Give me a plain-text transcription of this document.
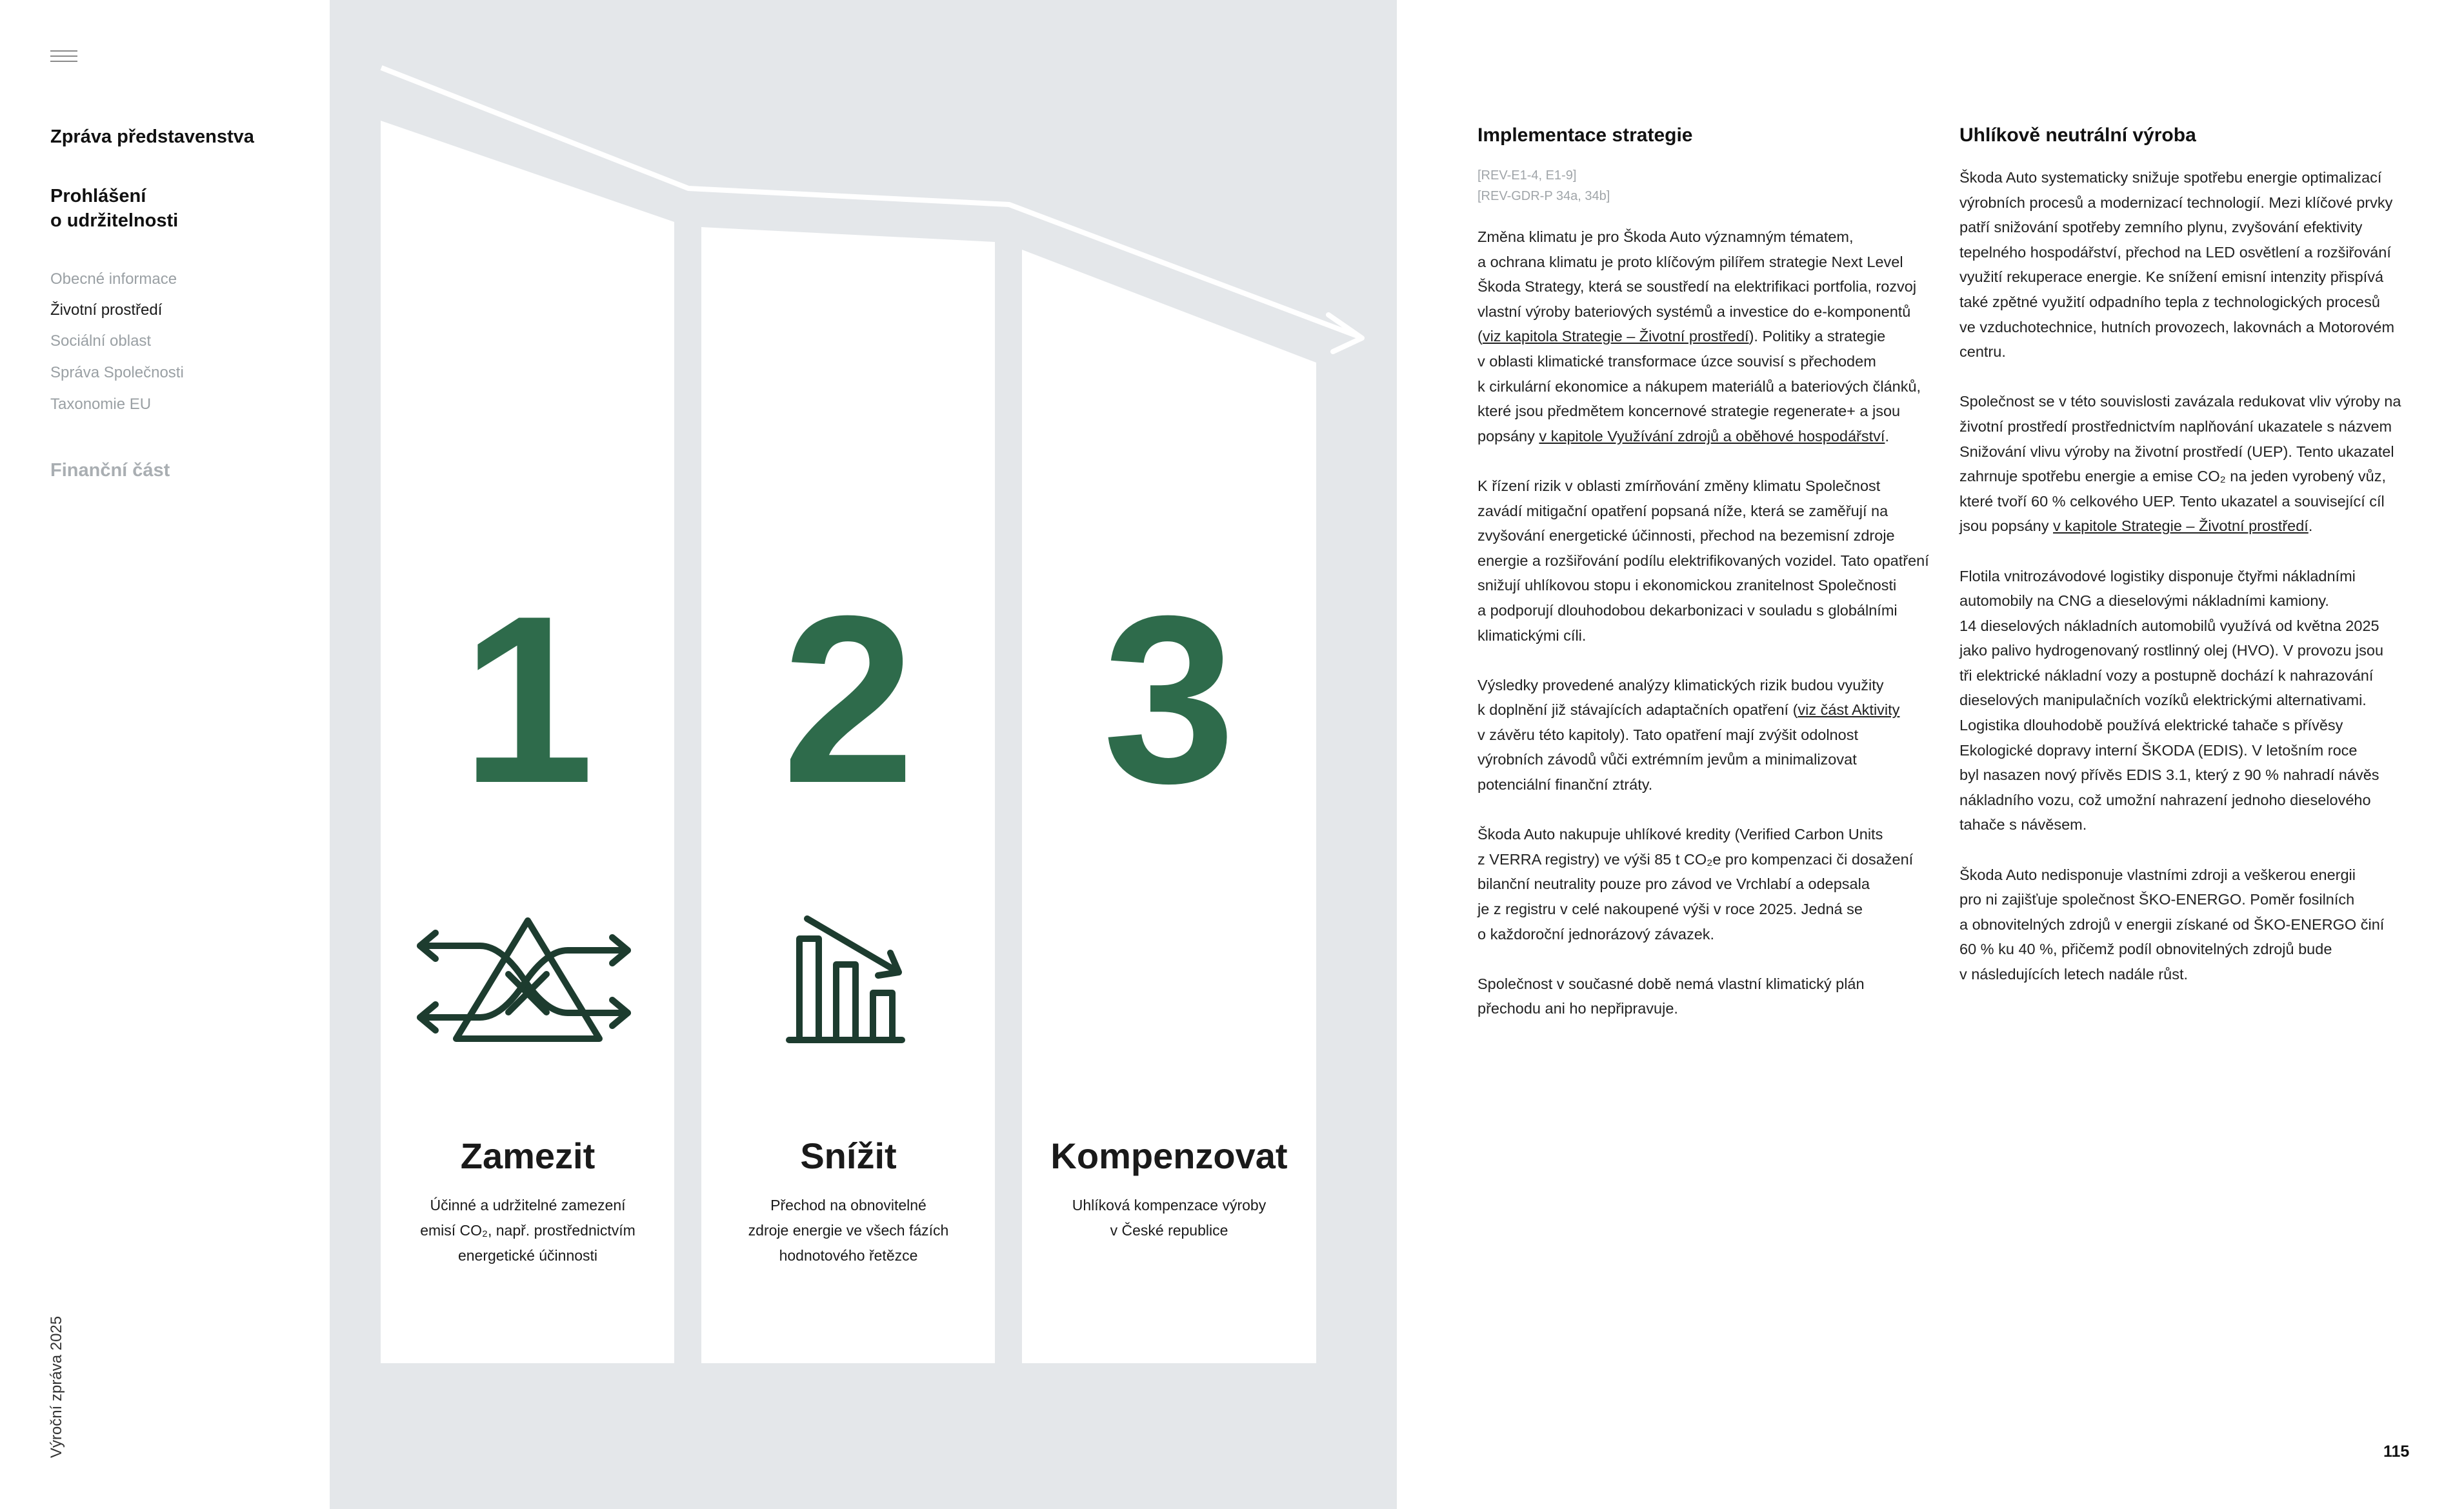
Zpráva představenstva
Prohlášení
o udržitelnosti
Obecné informace
Životní prostředí
Sociální oblast
Správa Společnosti
Taxonomie EU
Finanční část
Výroční zpráva 2025
1 2 3
Zamezit
Účinné a udržitelné zamezení
emisí CO₂, např. prostřednictvím
energetické účinnosti
Snížit
Přechod na obnovitelné
zdroje energie ve všech fázích
hodnotového řetězce
Kompenzovat
Uhlíková kompenzace výroby
v České republice
Implementace strategie
[REV-E1-4, E1-9]
[REV-GDR-P 34a, 34b]

Změna klimatu je pro Škoda Auto významným tématem,
a ochrana klimatu je proto klíčovým pilířem strategie Next Level
Škoda Strategy, která se soustředí na elektrifikaci portfolia, rozvoj
vlastní výroby bateriových systémů a investice do e-komponentů
(viz kapitola Strategie – Životní prostředí). Politiky a strategie
v oblasti klimatické transformace úzce souvisí s přechodem
k cirkulární ekonomice a nákupem materiálů a bateriových článků,
které jsou předmětem koncernové strategie regenerate+ a jsou
popsány v kapitole Využívání zdrojů a oběhové hospodářství.

K řízení rizik v oblasti zmírňování změny klimatu Společnost
zavádí mitigační opatření popsaná níže, která se zaměřují na
zvyšování energetické účinnosti, přechod na bezemisní zdroje
energie a rozšiřování podílu elektrifikovaných vozidel. Tato opatření
snižují uhlíkovou stopu i ekonomickou zranitelnost Společnosti
a podporují dlouhodobou dekarbonizaci v souladu s globálními
klimatickými cíli.

Výsledky provedené analýzy klimatických rizik budou využity
k doplnění již stávajících adaptačních opatření (viz část Aktivity
v závěru této kapitoly). Tato opatření mají zvýšit odolnost
výrobních závodů vůči extrémním jevům a minimalizovat
potenciální finanční ztráty.

Škoda Auto nakupuje uhlíkové kredity (Verified Carbon Units
z VERRA registry) ve výši 85 t CO₂e pro kompenzaci či dosažení
bilanční neutrality pouze pro závod ve Vrchlabí a odepsala
je z registru v celé nakoupené výši v roce 2025. Jedná se
o každoroční jednorázový závazek.

Společnost v současné době nemá vlastní klimatický plán
přechodu ani ho nepřipravuje.

Uhlíkově neutrální výroba

Škoda Auto systematicky snižuje spotřebu energie optimalizací
výrobních procesů a modernizací technologií. Mezi klíčové prvky
patří snižování spotřeby zemního plynu, zvyšování efektivity
tepelného hospodářství, přechod na LED osvětlení a rozšiřování
využití rekuperace energie. Ke snížení emisní intenzity přispívá
také zpětné využití odpadního tepla z technologických procesů
ve vzduchotechnice, hutních provozech, lakovnách a Motorovém
centru.

Společnost se v této souvislosti zavázala redukovat vliv výroby na
životní prostředí prostřednictvím naplňování ukazatele s názvem
Snižování vlivu výroby na životní prostředí (UEP). Tento ukazatel
zahrnuje spotřebu energie a emise CO₂ na jeden vyrobený vůz,
které tvoří 60 % celkového UEP. Tento ukazatel a související cíl
jsou popsány v kapitole Strategie – Životní prostředí.

Flotila vnitrozávodové logistiky disponuje čtyřmi nákladními
automobily na CNG a dieselovými nákladními kamiony.
14 dieselových nákladních automobilů využívá od května 2025
jako palivo hydrogenovaný rostlinný olej (HVO). V provozu jsou
tři elektrické nákladní vozy a postupně dochází k nahrazování
dieselových manipulačních vozíků elektrickými alternativami.
Logistika dlouhodobě používá elektrické tahače s přívěsy
Ekologické dopravy interní ŠKODA (EDIS). V letošním roce
byl nasazen nový přívěs EDIS 3.1, který z 90 % nahradí návěs
nákladního vozu, což umožní nahrazení jednoho dieselového
tahače s návěsem.

Škoda Auto nedisponuje vlastními zdroji a veškerou energii
pro ni zajišťuje společnost ŠKO-ENERGO. Poměr fosilních
a obnovitelných zdrojů v energii získané od ŠKO-ENERGO činí
60 % ku 40 %, přičemž podíl obnovitelných zdrojů bude
v následujících letech nadále růst.

115
